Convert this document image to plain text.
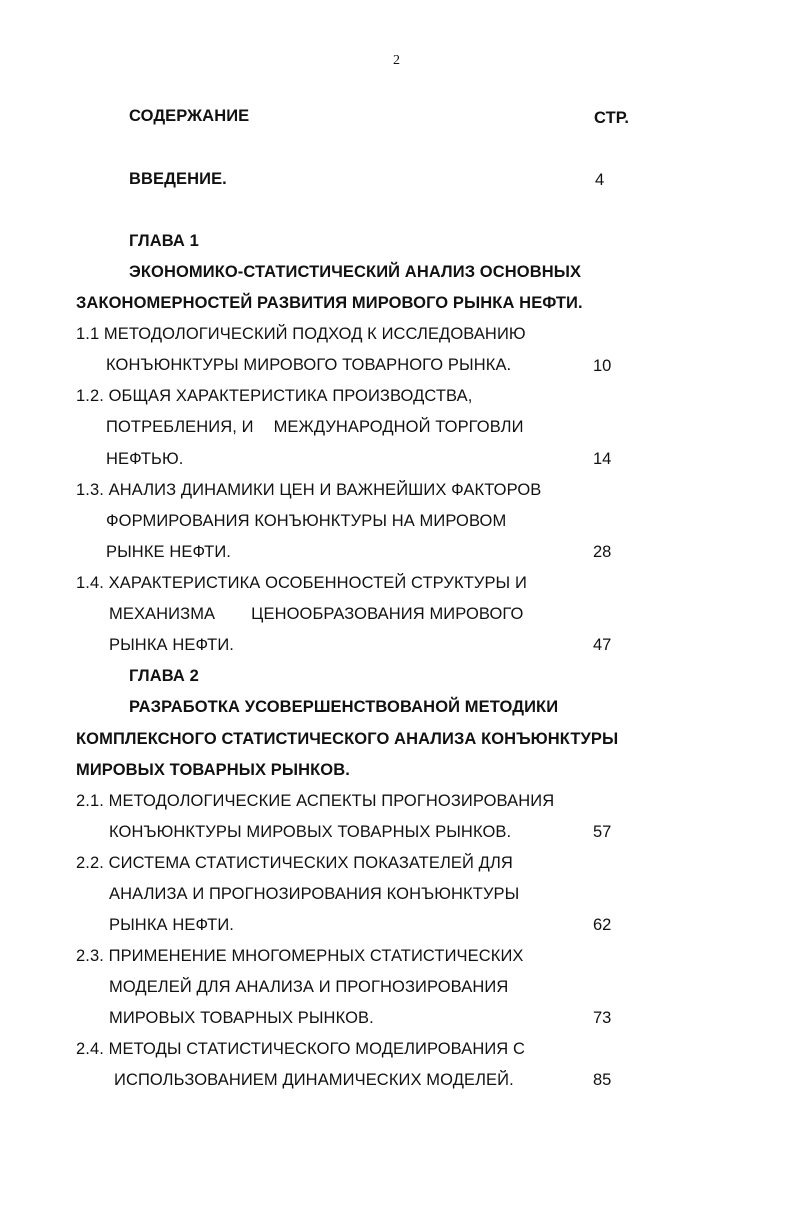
2
СОДЕРЖАНИЕ	СТР.
ВВЕДЕНИЕ.	4
ГЛАВА 1
ЭКОНОМИКО-СТАТИСТИЧЕСКИЙ АНАЛИЗ ОСНОВНЫХ
ЗАКОНОМЕРНОСТЕЙ РАЗВИТИЯ МИРОВОГО РЫНКА НЕФТИ.
1.1 МЕТОДОЛОГИЧЕСКИЙ ПОДХОД К ИССЛЕДОВАНИЮ
КОНЪЮНКТУРЫ МИРОВОГО ТОВАРНОГО РЫНКА.	10
1.2. ОБЩАЯ ХАРАКТЕРИСТИКА ПРОИЗВОДСТВА,
ПОТРЕБЛЕНИЯ, И МЕЖДУНАРОДНОЙ ТОРГОВЛИ
НЕФТЬЮ.	14
1.3. АНАЛИЗ ДИНАМИКИ ЦЕН И ВАЖНЕЙШИХ ФАКТОРОВ
ФОРМИРОВАНИЯ КОНЪЮНКТУРЫ НА МИРОВОМ
РЫНКЕ НЕФТИ.	28
1.4. ХАРАКТЕРИСТИКА ОСОБЕННОСТЕЙ СТРУКТУРЫ И
МЕХАНИЗМА ЦЕНООБРАЗОВАНИЯ МИРОВОГО
РЫНКА НЕФТИ.	47
ГЛАВА 2
РАЗРАБОТКА УСОВЕРШЕНСТВОВАНОЙ МЕТОДИКИ
КОМПЛЕКСНОГО СТАТИСТИЧЕСКОГО АНАЛИЗА КОНЪЮНКТУРЫ
МИРОВЫХ ТОВАРНЫХ РЫНКОВ.
2.1. МЕТОДОЛОГИЧЕСКИЕ АСПЕКТЫ ПРОГНОЗИРОВАНИЯ
КОНЪЮНКТУРЫ МИРОВЫХ ТОВАРНЫХ РЫНКОВ.	57
2.2. СИСТЕМА СТАТИСТИЧЕСКИХ ПОКАЗАТЕЛЕЙ ДЛЯ
АНАЛИЗА И ПРОГНОЗИРОВАНИЯ КОНЪЮНКТУРЫ
РЫНКА НЕФТИ.	62
2.3. ПРИМЕНЕНИЕ МНОГОМЕРНЫХ СТАТИСТИЧЕСКИХ
МОДЕЛЕЙ ДЛЯ АНАЛИЗА И ПРОГНОЗИРОВАНИЯ
МИРОВЫХ ТОВАРНЫХ РЫНКОВ.	73
2.4. МЕТОДЫ СТАТИСТИЧЕСКОГО МОДЕЛИРОВАНИЯ С
ИСПОЛЬЗОВАНИЕМ ДИНАМИЧЕСКИХ МОДЕЛЕЙ.	85
